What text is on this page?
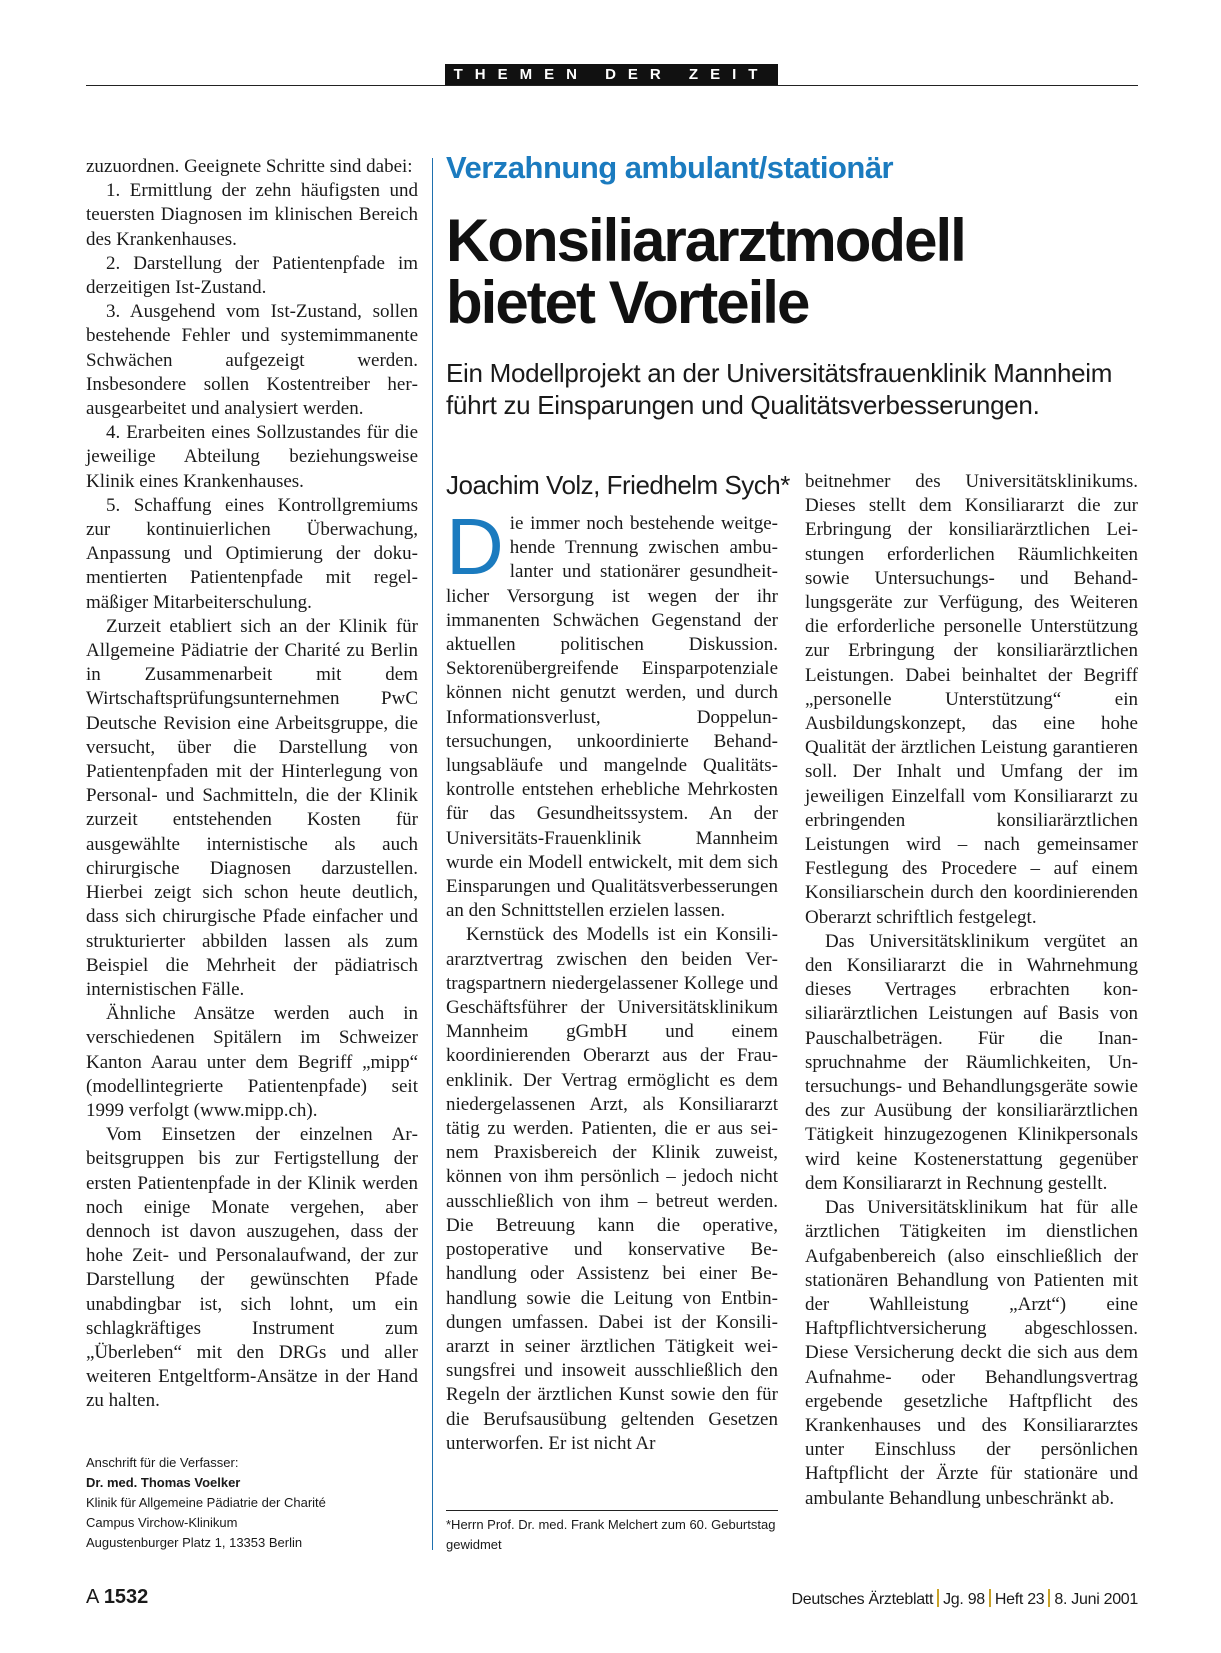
THEMEN DER ZEIT

zuzuordnen. Geeignete Schritte sind dabei:

1. Ermittlung der zehn häufigsten und teuersten Diagnosen im klinischen Bereich des Krankenhauses.

2. Darstellung der Patientenpfade im derzeitigen Ist-Zustand.

3. Ausgehend vom Ist-Zustand, sollen bestehende Fehler und systemimmanente Schwächen aufgezeigt werden. Insbesondere sollen Kostentreiber herausgearbeitet und analysiert werden.

4. Erarbeiten eines Sollzustandes für die jeweilige Abteilung beziehungsweise Klinik eines Krankenhauses.

5. Schaffung eines Kontrollgremiums zur kontinuierlichen Überwachung, Anpassung und Optimierung der dokumentierten Patientenpfade mit regelmäßiger Mitarbeiterschulung.

Zurzeit etabliert sich an der Klinik für Allgemeine Pädiatrie der Charité zu Berlin in Zusammenarbeit mit dem Wirtschaftsprüfungsunternehmen PwC Deutsche Revision eine Arbeitsgruppe, die versucht, über die Darstellung von Patientenpfaden mit der Hinterlegung von Personal- und Sachmitteln, die der Klinik zurzeit entstehenden Kosten für ausgewählte internistische als auch chirurgische Diagnosen darzustellen. Hierbei zeigt sich schon heute deutlich, dass sich chirurgische Pfade einfacher und strukturierter abbilden lassen als zum Beispiel die Mehrheit der pädiatrisch internistischen Fälle.

Ähnliche Ansätze werden auch in verschiedenen Spitälern im Schweizer Kanton Aarau unter dem Begriff „mipp“ (modellintegrierte Patientenpfade) seit 1999 verfolgt (www.mipp.ch).

Vom Einsetzen der einzelnen Arbeitsgruppen bis zur Fertigstellung der ersten Patientenpfade in der Klinik werden noch einige Monate vergehen, aber dennoch ist davon auszugehen, dass der hohe Zeit- und Personalaufwand, der zur Darstellung der gewünschten Pfade unabdingbar ist, sich lohnt, um ein schlagkräftiges Instrument zum „Überleben“ mit den DRGs und aller weiteren Entgeltform-Ansätze in der Hand zu halten.

Anschrift für die Verfasser:
Dr. med. Thomas Voelker
Klinik für Allgemeine Pädiatrie der Charité
Campus Virchow-Klinikum
Augustenburger Platz 1, 13353 Berlin
Verzahnung ambulant/stationär
Konsiliararztmodell
bietet Vorteile
Ein Modellprojekt an der Universitätsfrauenklinik Mannheim
führt zu Einsparungen und Qualitätsverbesserungen.
Joachim Volz, Friedhelm Sych*

Die immer noch bestehende weitgehende Trennung zwischen ambulanter und stationärer gesundheitlicher Versorgung ist wegen der ihr immanenten Schwächen Gegenstand der aktuellen politischen Diskussion. Sektorenübergreifende Einsparpotenziale können nicht genutzt werden, und durch Informationsverlust, Doppeluntersuchungen, unkoordinierte Behandlungsabläufe und mangelnde Qualitätskontrolle entstehen erhebliche Mehrkosten für das Gesundheitssystem. An der Universitäts-Frauenklinik Mannheim wurde ein Modell entwickelt, mit dem sich Einsparungen und Qualitätsverbesserungen an den Schnittstellen erzielen lassen.

Kernstück des Modells ist ein Konsiliararztvertrag zwischen den beiden Vertragspartnern niedergelassener Kollege und Geschäftsführer der Universitätsklinikum Mannheim gGmbH und einem koordinierenden Oberarzt aus der Frauenklinik. Der Vertrag ermöglicht es dem niedergelassenen Arzt, als Konsiliararzt tätig zu werden. Patienten, die er aus seinem Praxisbereich der Klinik zuweist, können von ihm persönlich – jedoch nicht ausschließlich von ihm – betreut werden. Die Betreuung kann die operative, postoperative und konservative Behandlung oder Assistenz bei einer Behandlung sowie die Leitung von Entbindungen umfassen. Dabei ist der Konsiliararzt in seiner ärztlichen Tätigkeit weisungsfrei und insoweit ausschließlich den Regeln der ärztlichen Kunst sowie den für die Berufsausübung geltenden Gesetzen unterworfen. Er ist nicht Ar

*Herrn Prof. Dr. med. Frank Melchert zum 60. Geburtstag gewidmet

beitnehmer des Universitätsklinikums. Dieses stellt dem Konsiliararzt die zur Erbringung der konsiliarärztlichen Leistungen erforderlichen Räumlichkeiten sowie Untersuchungs- und Behandlungsgeräte zur Verfügung, des Weiteren die erforderliche personelle Unterstützung zur Erbringung der konsiliarärztlichen Leistungen. Dabei beinhaltet der Begriff „personelle Unterstützung“ ein Ausbildungskonzept, das eine hohe Qualität der ärztlichen Leistung garantieren soll. Der Inhalt und Umfang der im jeweiligen Einzelfall vom Konsiliararzt zu erbringenden konsiliarärztlichen Leistungen wird – nach gemeinsamer Festlegung des Procedere – auf einem Konsiliarschein durch den koordinierenden Oberarzt schriftlich festgelegt.

Das Universitätsklinikum vergütet an den Konsiliararzt die in Wahrnehmung dieses Vertrages erbrachten konsiliarärztlichen Leistungen auf Basis von Pauschalbeträgen. Für die Inanspruchnahme der Räumlichkeiten, Untersuchungs- und Behandlungsgeräte sowie des zur Ausübung der konsiliarärztlichen Tätigkeit hinzugezogenen Klinikpersonals wird keine Kostenerstattung gegenüber dem Konsiliararzt in Rechnung gestellt.

Das Universitätsklinikum hat für alle ärztlichen Tätigkeiten im dienstlichen Aufgabenbereich (also einschließlich der stationären Behandlung von Patienten mit der Wahlleistung „Arzt“) eine Haftpflichtversicherung abgeschlossen. Diese Versicherung deckt die sich aus dem Aufnahme- oder Behandlungsvertrag ergebende gesetzliche Haftpflicht des Krankenhauses und des Konsiliararztes unter Einschluss der persönlichen Haftpflicht der Ärzte für stationäre und ambulante Behandlung unbeschränkt ab.

A 1532	Deutsches Ärzteblatt Jg. 98 Heft 23 8. Juni 2001
